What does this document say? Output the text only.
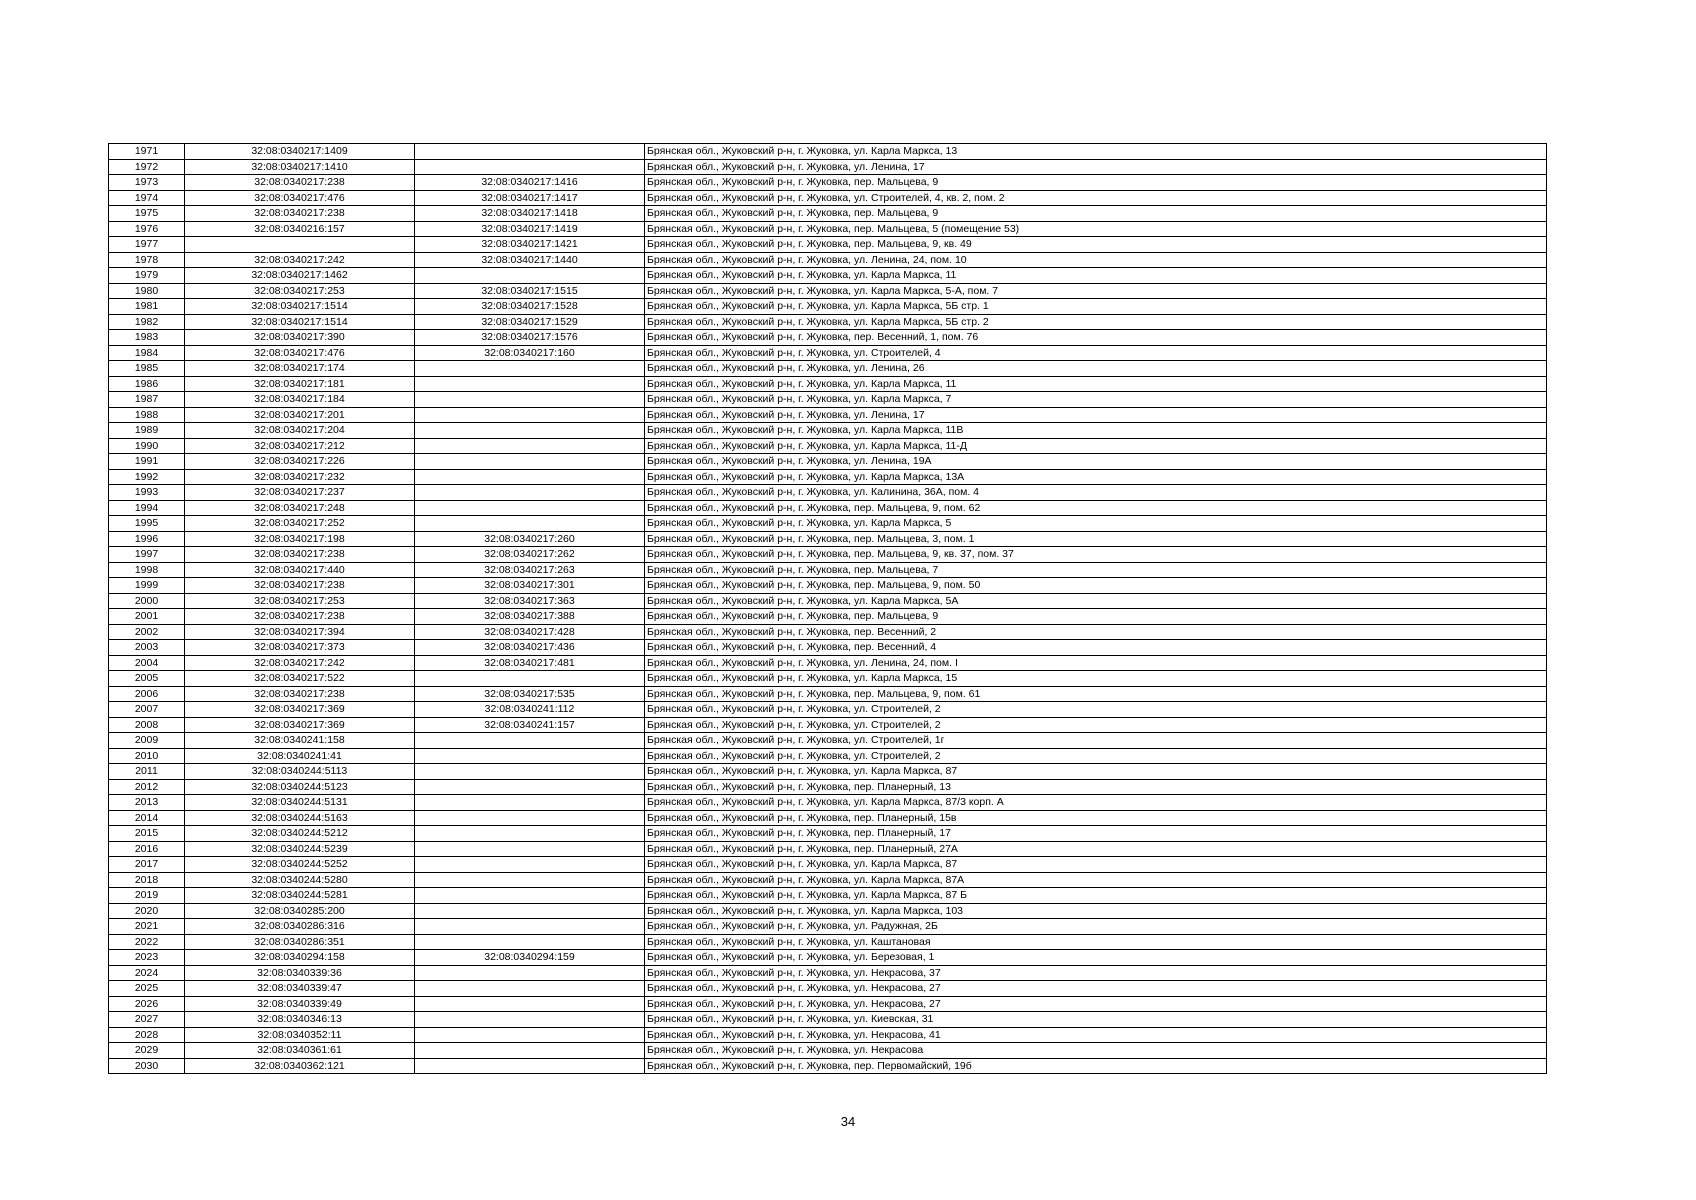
1971	32:08:0340217:1409		Брянская обл., Жуковский р-н, г. Жуковка, ул. Карла Маркса, 13
1972	32:08:0340217:1410		Брянская обл., Жуковский р-н, г. Жуковка, ул. Ленина, 17
1973	32:08:0340217:238	32:08:0340217:1416	Брянская обл., Жуковский р-н, г. Жуковка, пер. Мальцева, 9
1974	32:08:0340217:476	32:08:0340217:1417	Брянская обл., Жуковский р-н, г. Жуковка, ул. Строителей, 4, кв. 2, пом. 2
1975	32:08:0340217:238	32:08:0340217:1418	Брянская обл., Жуковский р-н, г. Жуковка, пер. Мальцева, 9
1976	32:08:0340216:157	32:08:0340217:1419	Брянская обл., Жуковский р-н, г. Жуковка, пер. Мальцева, 5 (помещение 53)
1977		32:08:0340217:1421	Брянская обл., Жуковский р-н, г. Жуковка, пер. Мальцева, 9, кв. 49
1978	32:08:0340217:242	32:08:0340217:1440	Брянская обл., Жуковский р-н, г. Жуковка, ул. Ленина, 24, пом. 10
1979	32:08:0340217:1462		Брянская обл., Жуковский р-н, г. Жуковка, ул. Карла Маркса, 11
1980	32:08:0340217:253	32:08:0340217:1515	Брянская обл., Жуковский р-н, г. Жуковка, ул. Карла Маркса, 5-А, пом. 7
1981	32:08:0340217:1514	32:08:0340217:1528	Брянская обл., Жуковский р-н, г. Жуковка, ул. Карла Маркса, 5Б стр. 1
1982	32:08:0340217:1514	32:08:0340217:1529	Брянская обл., Жуковский р-н, г. Жуковка, ул. Карла Маркса, 5Б стр. 2
1983	32:08:0340217:390	32:08:0340217:1576	Брянская обл., Жуковский р-н, г. Жуковка, пер. Весенний, 1, пом. 76
1984	32:08:0340217:476	32:08:0340217:160	Брянская обл., Жуковский р-н, г. Жуковка, ул. Строителей, 4
1985	32:08:0340217:174		Брянская обл., Жуковский р-н, г. Жуковка, ул. Ленина, 26
1986	32:08:0340217:181		Брянская обл., Жуковский р-н, г. Жуковка, ул. Карла Маркса, 11
1987	32:08:0340217:184		Брянская обл., Жуковский р-н, г. Жуковка, ул. Карла Маркса, 7
1988	32:08:0340217:201		Брянская обл., Жуковский р-н, г. Жуковка, ул. Ленина, 17
1989	32:08:0340217:204		Брянская обл., Жуковский р-н, г. Жуковка, ул. Карла Маркса, 11В
1990	32:08:0340217:212		Брянская обл., Жуковский р-н, г. Жуковка, ул. Карла Маркса, 11-Д
1991	32:08:0340217:226		Брянская обл., Жуковский р-н, г. Жуковка, ул. Ленина, 19А
1992	32:08:0340217:232		Брянская обл., Жуковский р-н, г. Жуковка, ул. Карла Маркса, 13А
1993	32:08:0340217:237		Брянская обл., Жуковский р-н, г. Жуковка, ул. Калинина, 36А, пом. 4
1994	32:08:0340217:248		Брянская обл., Жуковский р-н, г. Жуковка, пер. Мальцева, 9, пом. 62
1995	32:08:0340217:252		Брянская обл., Жуковский р-н, г. Жуковка, ул. Карла Маркса, 5
1996	32:08:0340217:198	32:08:0340217:260	Брянская обл., Жуковский р-н, г. Жуковка, пер. Мальцева, 3, пом. 1
1997	32:08:0340217:238	32:08:0340217:262	Брянская обл., Жуковский р-н, г. Жуковка, пер. Мальцева, 9, кв. 37, пом. 37
1998	32:08:0340217:440	32:08:0340217:263	Брянская обл., Жуковский р-н, г. Жуковка, пер. Мальцева, 7
1999	32:08:0340217:238	32:08:0340217:301	Брянская обл., Жуковский р-н, г. Жуковка, пер. Мальцева, 9, пом. 50
2000	32:08:0340217:253	32:08:0340217:363	Брянская обл., Жуковский р-н, г. Жуковка, ул. Карла Маркса, 5А
2001	32:08:0340217:238	32:08:0340217:388	Брянская обл., Жуковский р-н, г. Жуковка, пер. Мальцева, 9
2002	32:08:0340217:394	32:08:0340217:428	Брянская обл., Жуковский р-н, г. Жуковка, пер. Весенний, 2
2003	32:08:0340217:373	32:08:0340217:436	Брянская обл., Жуковский р-н, г. Жуковка, пер. Весенний, 4
2004	32:08:0340217:242	32:08:0340217:481	Брянская обл., Жуковский р-н, г. Жуковка, ул. Ленина, 24, пом. I
2005	32:08:0340217:522		Брянская обл., Жуковский р-н, г. Жуковка, ул. Карла Маркса, 15
2006	32:08:0340217:238	32:08:0340217:535	Брянская обл., Жуковский р-н, г. Жуковка, пер. Мальцева, 9, пом. 61
2007	32:08:0340217:369	32:08:0340241:112	Брянская обл., Жуковский р-н, г. Жуковка, ул. Строителей, 2
2008	32:08:0340217:369	32:08:0340241:157	Брянская обл., Жуковский р-н, г. Жуковка, ул. Строителей, 2
2009	32:08:0340241:158		Брянская обл., Жуковский р-н, г. Жуковка, ул. Строителей, 1г
2010	32:08:0340241:41		Брянская обл., Жуковский р-н, г. Жуковка, ул. Строителей, 2
2011	32:08:0340244:5113		Брянская обл., Жуковский р-н, г. Жуковка, ул. Карла Маркса, 87
2012	32:08:0340244:5123		Брянская обл., Жуковский р-н, г. Жуковка, пер. Планерный, 13
2013	32:08:0340244:5131		Брянская обл., Жуковский р-н, г. Жуковка, ул. Карла Маркса, 87/3 корп. А
2014	32:08:0340244:5163		Брянская обл., Жуковский р-н, г. Жуковка, пер. Планерный, 15в
2015	32:08:0340244:5212		Брянская обл., Жуковский р-н, г. Жуковка, пер. Планерный, 17
2016	32:08:0340244:5239		Брянская обл., Жуковский р-н, г. Жуковка, пер. Планерный, 27А
2017	32:08:0340244:5252		Брянская обл., Жуковский р-н, г. Жуковка, ул. Карла Маркса, 87
2018	32:08:0340244:5280		Брянская обл., Жуковский р-н, г. Жуковка, ул. Карла Маркса, 87А
2019	32:08:0340244:5281		Брянская обл., Жуковский р-н, г. Жуковка, ул. Карла Маркса, 87 Б
2020	32:08:0340285:200		Брянская обл., Жуковский р-н, г. Жуковка, ул. Карла Маркса, 103
2021	32:08:0340286:316		Брянская обл., Жуковский р-н, г. Жуковка, ул. Радужная, 2Б
2022	32:08:0340286:351		Брянская обл., Жуковский р-н, г. Жуковка, ул. Каштановая
2023	32:08:0340294:158	32:08:0340294:159	Брянская обл., Жуковский р-н, г. Жуковка, ул. Березовая, 1
2024	32:08:0340339:36		Брянская обл., Жуковский р-н, г. Жуковка, ул. Некрасова, 37
2025	32:08:0340339:47		Брянская обл., Жуковский р-н, г. Жуковка, ул. Некрасова, 27
2026	32:08:0340339:49		Брянская обл., Жуковский р-н, г. Жуковка, ул. Некрасова, 27
2027	32:08:0340346:13		Брянская обл., Жуковский р-н, г. Жуковка, ул. Киевская, 31
2028	32:08:0340352:11		Брянская обл., Жуковский р-н, г. Жуковка, ул. Некрасова, 41
2029	32:08:0340361:61		Брянская обл., Жуковский р-н, г. Жуковка, ул. Некрасова
2030	32:08:0340362:121		Брянская обл., Жуковский р-н, г. Жуковка, пер. Первомайский, 19б
34
